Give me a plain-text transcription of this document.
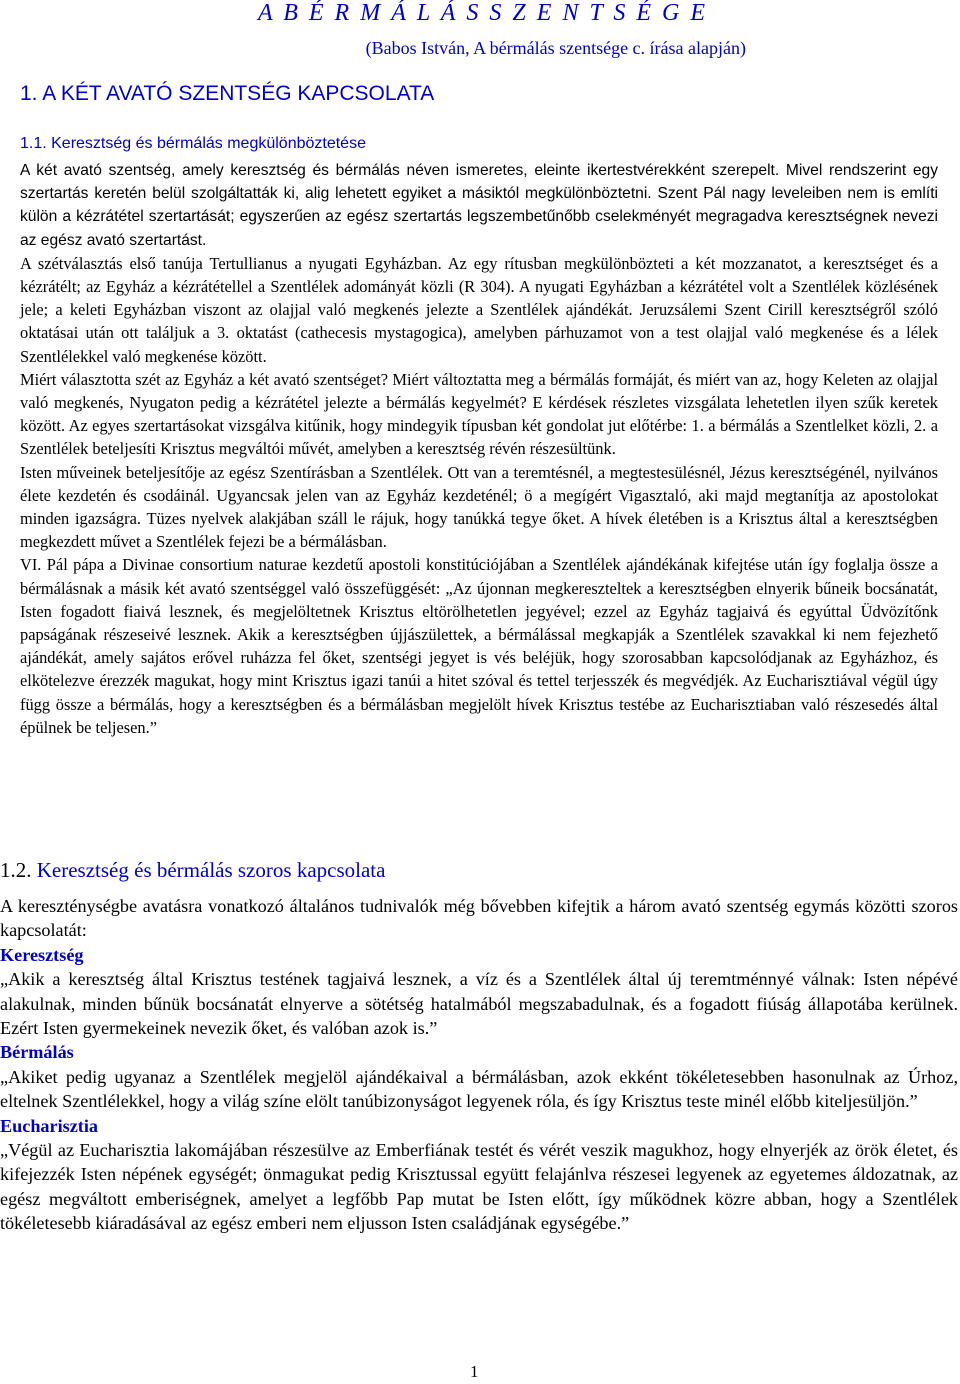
A B É R M Á L Á S S Z E N T S É G E
(Babos István, A bérmálás szentsége c. írása alapján)
1. A KÉT AVATÓ SZENTSÉG KAPCSOLATA
1.1. Keresztség és bérmálás megkülönböztetése

A két avató szentség, amely keresztség és bérmálás néven ismeretes, eleinte ikertestvérekként szerepelt. Mivel rendszerint egy szertartás keretén belül szolgáltatták ki, alig lehetett egyiket a másiktól megkülönböztetni. Szent Pál nagy leveleiben nem is említi külön a kézrátétel szertartását; egyszerűen az egész szertartás legszembetűnőbb cselekményét megragadva keresztségnek nevezi az egész avató szertartást.

A szétválasztás első tanúja Tertullianus a nyugati Egyházban. Az egy rítusban megkülönbözteti a két mozzanatot, a keresztséget és a kézrátélt; az Egyház a kézrátétellel a Szentlélek adományát közli (R 304). A nyugati Egyházban a kézrátétel volt a Szentlélek közlésének jele; a keleti Egyházban viszont az olajjal való megkenés jelezte a Szentlélek ajándékát. Jeruzsálemi Szent Cirill keresztségről szóló oktatásai után ott találjuk a 3. oktatást (cathecesis mystagogica), amelyben párhuzamot von a test olajjal való megkenése és a lélek Szentlélekkel való megkenése között.

Miért választotta szét az Egyház a két avató szentséget? Miért változtatta meg a bérmálás formáját, és miért van az, hogy Keleten az olajjal való megkenés, Nyugaton pedig a kézrátétel jelezte a bérmálás kegyelmét? E kérdések részletes vizsgálata lehetetlen ilyen szűk keretek között. Az egyes szertartásokat vizsgálva kitűnik, hogy mindegyik típusban két gondolat jut előtérbe: 1. a bérmálás a Szentlelket közli, 2. a Szentlélek beteljesíti Krisztus megváltói művét, amelyben a keresztség révén részesültünk.

Isten műveinek beteljesítője az egész Szentírásban a Szentlélek. Ott van a teremtésnél, a megtestesülésnél, Jézus keresztségénél, nyilvános élete kezdetén és csodáinál. Ugyancsak jelen van az Egyház kezdeténél; ö a megígért Vigasztaló, aki majd megtanítja az apostolokat minden igazságra. Tüzes nyelvek alakjában száll le rájuk, hogy tanúkká tegye őket. A hívek életében is a Krisztus által a keresztségben megkezdett művet a Szentlélek fejezi be a bérmálásban.

VI. Pál pápa a Divinae consortium naturae kezdetű apostoli konstitúciójában a Szentlélek ajándékának kifejtése után így foglalja össze a bérmálásnak a másik két avató szentséggel való összefüggését: „Az újonnan megkereszteltek a keresztségben elnyerik bűneik bocsánatát, Isten fogadott fiaivá lesznek, és megjelöltetnek Krisztus eltörölhetetlen jegyével; ezzel az Egyház tagjaivá és egyúttal Üdvözítőnk papságának részeseivé lesznek. Akik a keresztségben újjászülettek, a bérmálással megkapják a Szentlélek szavakkal ki nem fejezhető ajándékát, amely sajátos erővel ruházza fel őket, szentségi jegyet is vés beléjük, hogy szorosabban kapcsolódjanak az Egyházhoz, és elkötelezve érezzék magukat, hogy mint Krisztus igazi tanúi a hitet szóval és tettel terjesszék és megvédjék. Az Eucharisztiával végül úgy függ össze a bérmálás, hogy a keresztségben és a bérmálásban megjelölt hívek Krisztus testébe az Eucharisztiaban való részesedés által épülnek be teljesen.”

1.2. Keresztség és bérmálás szoros kapcsolata

A kereszténységbe avatásra vonatkozó általános tudnivalók még bővebben kifejtik a három avató szentség egymás közötti szoros kapcsolatát:

Keresztség

„Akik a keresztség által Krisztus testének tagjaivá lesznek, a víz és a Szentlélek által új teremtménnyé válnak: Isten népévé alakulnak, minden bűnük bocsánatát elnyerve a sötétség hatalmából megszabadulnak, és a fogadott fiúság állapotába kerülnek. Ezért Isten gyermekeinek nevezik őket, és valóban azok is.”

Bérmálás

„Akiket pedig ugyanaz a Szentlélek megjelöl ajándékaival a bérmálásban, azok ekként tökéletesebben hasonulnak az Úrhoz, eltelnek Szentlélekkel, hogy a világ színe elölt tanúbizonyságot legyenek róla, és így Krisztus teste minél előbb kiteljesüljön.”

Eucharisztia

„Végül az Eucharisztia lakomájában részesülve az Emberfiának testét és vérét veszik magukhoz, hogy elnyerjék az örök életet, és kifejezzék Isten népének egységét; önmagukat pedig Krisztussal együtt felajánlva részesei legyenek az egyetemes áldozatnak, az egész megváltott emberiségnek, amelyet a legfőbb Pap mutat be Isten előtt, így működnek közre abban, hogy a Szentlélek tökéletesebb kiáradásával az egész emberi nem eljusson Isten családjának egységébe.”

1
